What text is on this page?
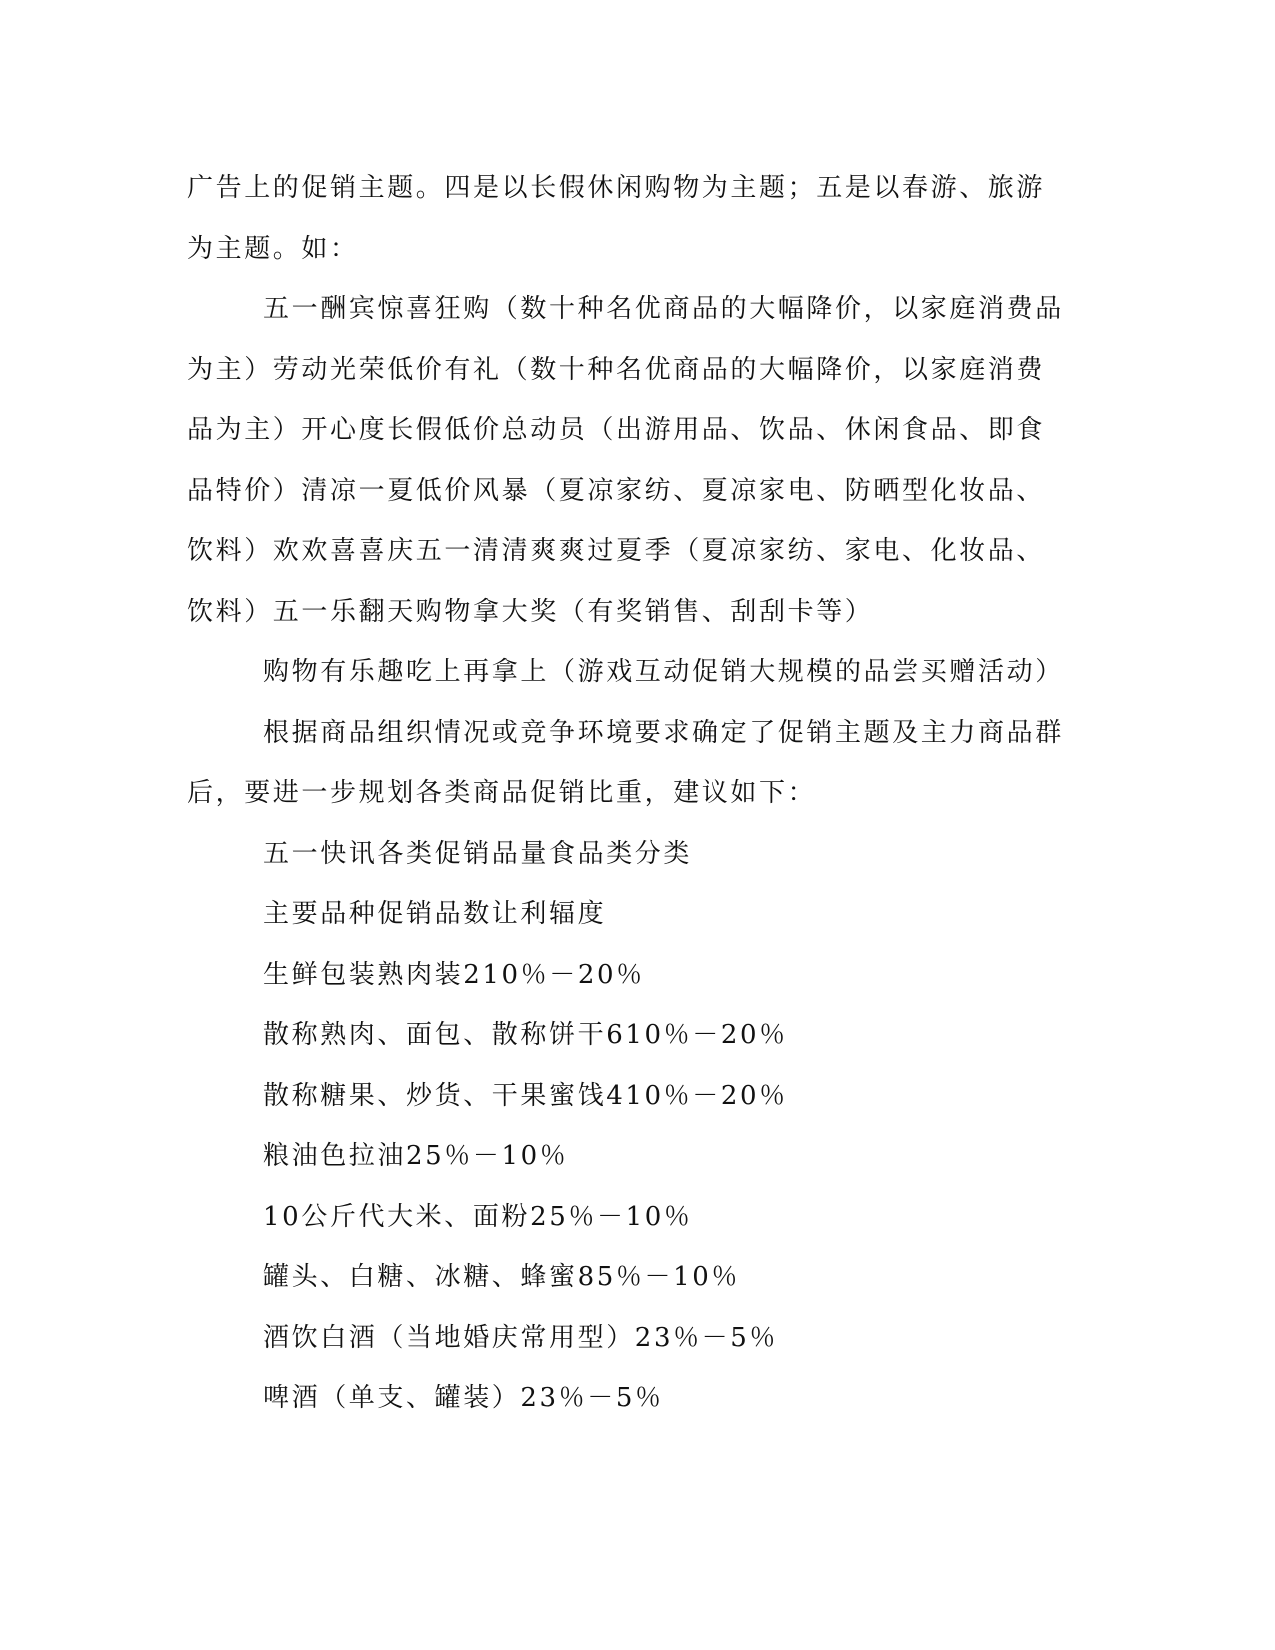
广告上的促销主题。四是以长假休闲购物为主题；五是以春游、旅游为主题。如：

五一酬宾惊喜狂购（数十种名优商品的大幅降价，以家庭消费品为主）劳动光荣低价有礼（数十种名优商品的大幅降价，以家庭消费品为主）开心度长假低价总动员（出游用品、饮品、休闲食品、即食品特价）清凉一夏低价风暴（夏凉家纺、夏凉家电、防晒型化妆品、饮料）欢欢喜喜庆五一清清爽爽过夏季（夏凉家纺、家电、化妆品、饮料）五一乐翻天购物拿大奖（有奖销售、刮刮卡等）

购物有乐趣吃上再拿上（游戏互动促销大规模的品尝买赠活动）

根据商品组织情况或竞争环境要求确定了促销主题及主力商品群后，要进一步规划各类商品促销比重，建议如下：

五一快讯各类促销品量食品类分类

主要品种促销品数让利辐度

生鲜包装熟肉装210％－20％

散称熟肉、面包、散称饼干610％－20％

散称糖果、炒货、干果蜜饯410％－20％

粮油色拉油25％－10％

10公斤代大米、面粉25％－10％

罐头、白糖、冰糖、蜂蜜85％－10％

酒饮白酒（当地婚庆常用型）23％－5％

啤酒（单支、罐装）23％－5％
